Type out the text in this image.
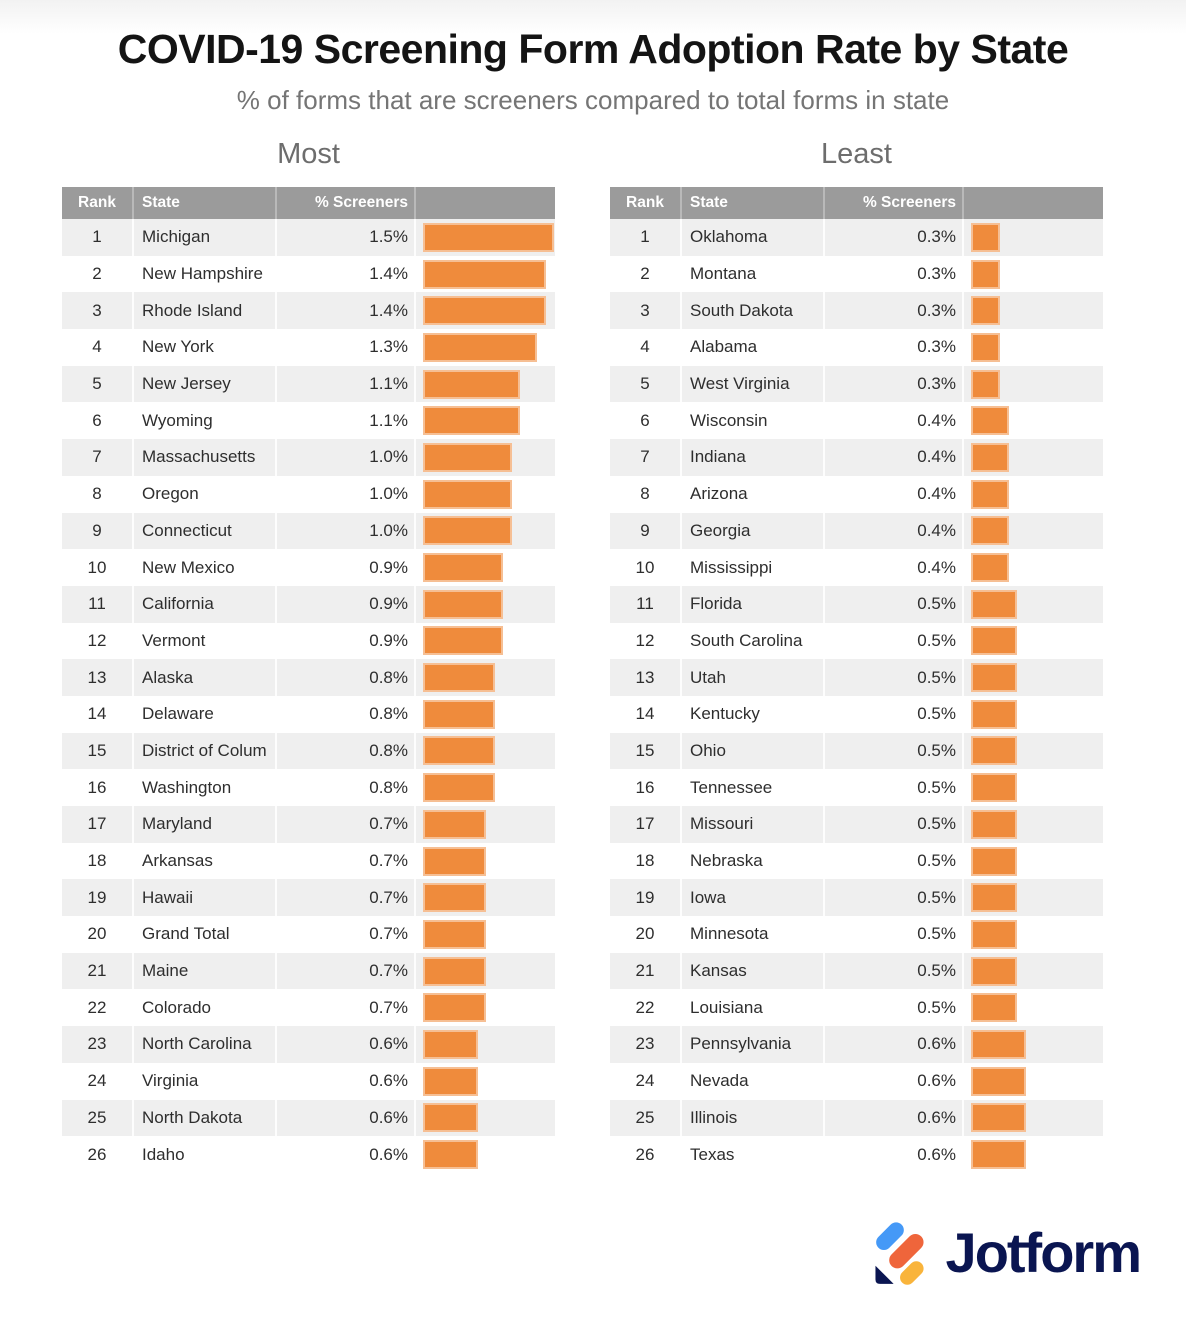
COVID-19 Screening Form Adoption Rate by State
% of forms that are screeners compared to total forms in state
Most
Rank	State	% Screeners
1	Michigan	1.5%
2	New Hampshire	1.4%
3	Rhode Island	1.4%
4	New York	1.3%
5	New Jersey	1.1%
6	Wyoming	1.1%
7	Massachusetts	1.0%
8	Oregon	1.0%
9	Connecticut	1.0%
10	New Mexico	0.9%
11	California	0.9%
12	Vermont	0.9%
13	Alaska	0.8%
14	Delaware	0.8%
15	District of Colum	0.8%
16	Washington	0.8%
17	Maryland	0.7%
18	Arkansas	0.7%
19	Hawaii	0.7%
20	Grand Total	0.7%
21	Maine	0.7%
22	Colorado	0.7%
23	North Carolina	0.6%
24	Virginia	0.6%
25	North Dakota	0.6%
26	Idaho	0.6%
Least
Rank	State	% Screeners
1	Oklahoma	0.3%
2	Montana	0.3%
3	South Dakota	0.3%
4	Alabama	0.3%
5	West Virginia	0.3%
6	Wisconsin	0.4%
7	Indiana	0.4%
8	Arizona	0.4%
9	Georgia	0.4%
10	Mississippi	0.4%
11	Florida	0.5%
12	South Carolina	0.5%
13	Utah	0.5%
14	Kentucky	0.5%
15	Ohio	0.5%
16	Tennessee	0.5%
17	Missouri	0.5%
18	Nebraska	0.5%
19	Iowa	0.5%
20	Minnesota	0.5%
21	Kansas	0.5%
22	Louisiana	0.5%
23	Pennsylvania	0.6%
24	Nevada	0.6%
25	Illinois	0.6%
26	Texas	0.6%
Jotform
